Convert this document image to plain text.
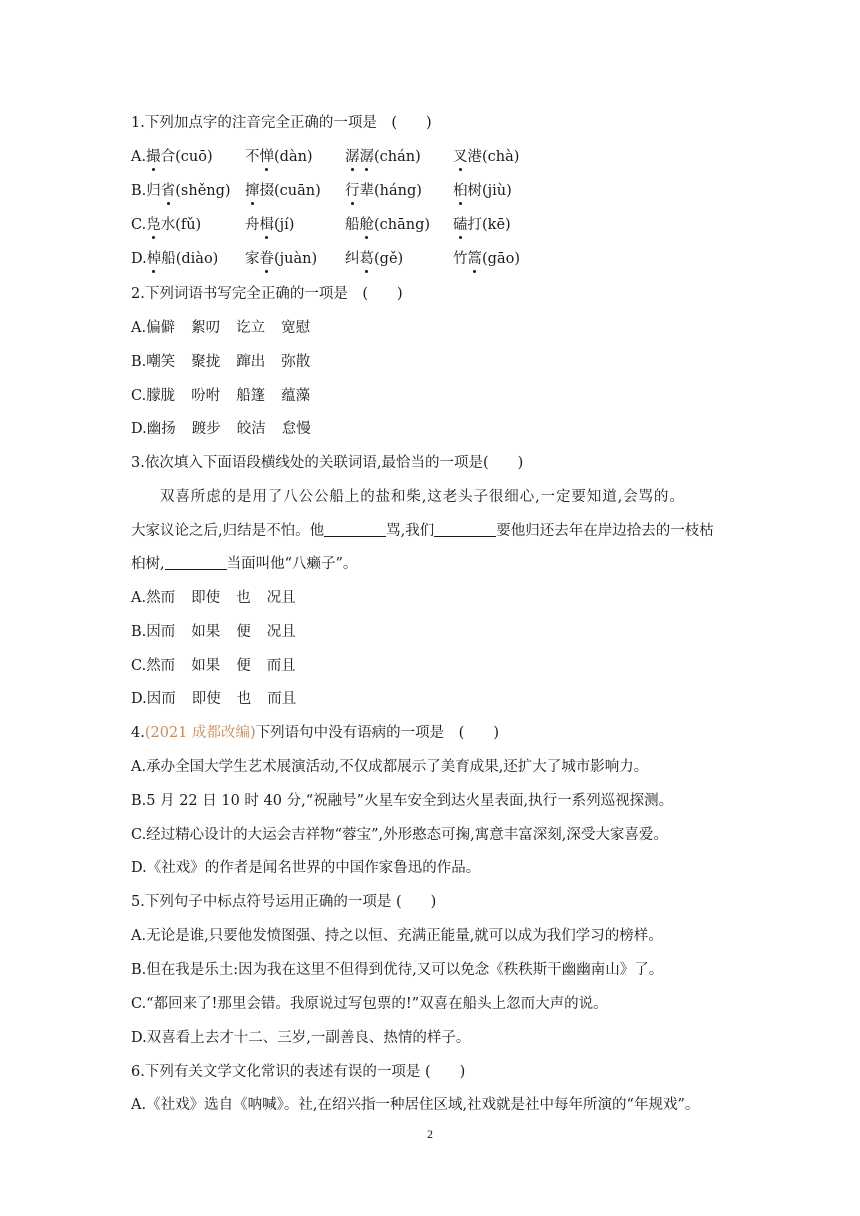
1.下列加点字的注音完全正确的一项是　 (　　)
A.撮合(cuō) 不惮(dàn) 潺潺(chán) 叉港(chà)
B.归省(shěng) 撺掇(cuān) 行辈(háng) 桕树(jiù)
C.凫水(fǔ)	舟楫(jí)	船舱(chāng) 磕打(kē)
D.棹船(diào) 家眷(juàn) 纠葛(gě)	竹篙(gāo)
2.下列词语书写完全正确的一项是　 (　　)
A.偏僻 絮叨 讫立 宽慰
B.嘲笑 聚拢 蹿出 弥散
C.朦胧 吩咐 船篷 蕴藻
D.幽扬 踱步 皎洁 怠慢
3.依次填入下面语段横线处的关联词语,最恰当的一项是(　　)
双喜所虑的是用了八公公船上的盐和柴,这老头子很细心,一定要知道,会骂的。
大家议论之后,归结是不怕。他	骂,我们	要他归还去年在岸边拾去的一枝枯
桕树,	当面叫他“八癞子”。
A.然而 即使 也 况且
B.因而 如果 便 况且
C.然而 如果 便 而且
D.因而 即使 也 而且
4.(2021 成都改编)下列语句中没有语病的一项是　 (　　)
A.承办全国大学生艺术展演活动,不仅成都展示了美育成果,还扩大了城市影响力。
B.5 月 22 日 10 时 40 分,“祝融号”火星车安全到达火星表面,执行一系列巡视探测。
C.经过精心设计的大运会吉祥物“蓉宝”,外形憨态可掬,寓意丰富深刻,深受大家喜爱。
D.《社戏》的作者是闻名世界的中国作家鲁迅的作品。
5.下列句子中标点符号运用正确的一项是 (　　)
A.无论是谁,只要他发愤图强、持之以恒、充满正能量,就可以成为我们学习的榜样。
B.但在我是乐土:因为我在这里不但得到优待,又可以免念《秩秩斯干幽幽南山》了。
C.“都回来了!那里会错。我原说过写包票的!”双喜在船头上忽而大声的说。
D.双喜看上去才十二、三岁,一副善良、热情的样子。
6.下列有关文学文化常识的表述有误的一项是 (　　)
A.《社戏》选自《呐喊》。社,在绍兴指一种居住区域,社戏就是社中每年所演的“年规戏”。
2
